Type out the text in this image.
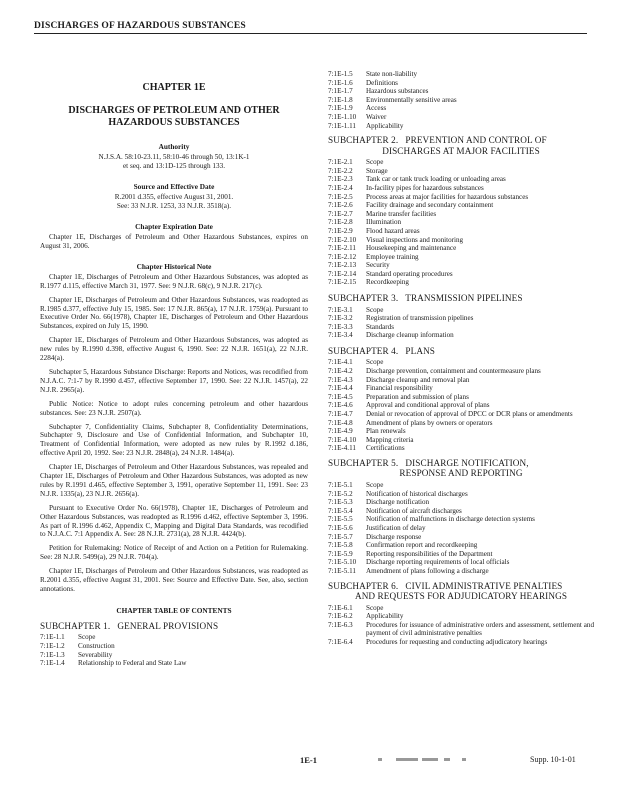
DISCHARGES OF HAZARDOUS SUBSTANCES
CHAPTER 1E
DISCHARGES OF PETROLEUM AND OTHER
HAZARDOUS SUBSTANCES
Authority
N.J.S.A. 58:10-23.11, 58:10-46 through 50, 13:1K-1
et seq. and 13:1D-125 through 133.
Source and Effective Date
R.2001 d.355, effective August 31, 2001.
See: 33 N.J.R. 1253, 33 N.J.R. 3518(a).
Chapter Expiration Date

Chapter 1E, Discharges of Petroleum and Other Hazardous Substances, expires on August 31, 2006.

Chapter Historical Note

Chapter 1E, Discharges of Petroleum and Other Hazardous Substances, was adopted as R.1977 d.115, effective March 31, 1977. See: 9 N.J.R. 68(c), 9 N.J.R. 217(c).

Chapter 1E, Discharges of Petroleum and Other Hazardous Substances, was readopted as R.1985 d.377, effective July 15, 1985. See: 17 N.J.R. 865(a), 17 N.J.R. 1759(a). Pursuant to Executive Order No. 66(1978), Chapter 1E, Discharges of Petroleum and Other Hazardous Substances, expired on July 15, 1990.

Chapter 1E, Discharges of Petroleum and Other Hazardous Substances, was adopted as new rules by R.1990 d.398, effective August 6, 1990. See: 22 N.J.R. 1651(a), 22 N.J.R. 2284(a).

Subchapter 5, Hazardous Substance Discharge: Reports and Notices, was recodified from N.J.A.C. 7:1-7 by R.1990 d.457, effective September 17, 1990. See: 22 N.J.R. 1457(a), 22 N.J.R. 2965(a).

Public Notice: Notice to adopt rules concerning petroleum and other hazardous substances. See: 23 N.J.R. 2507(a).

Subchapter 7, Confidentiality Claims, Subchapter 8, Confidentiality Determinations, Subchapter 9, Disclosure and Use of Confidential Information, and Subchapter 10, Treatment of Confidential Information, were adopted as new rules by R.1992 d.186, effective April 20, 1992. See: 23 N.J.R. 2848(a), 24 N.J.R. 1484(a).

Chapter 1E, Discharges of Petroleum and Other Hazardous Substances, was repealed and Chapter 1E, Discharges of Petroleum and Other Hazardous Substances, was adopted as new rules by R.1991 d.465, effective September 3, 1991, operative September 11, 1991. See: 23 N.J.R. 1335(a), 23 N.J.R. 2656(a).

Pursuant to Executive Order No. 66(1978), Chapter 1E, Discharges of Petroleum and Other Hazardous Substances, was readopted as R.1996 d.462, effective September 3, 1996. As part of R.1996 d.462, Appendix C, Mapping and Digital Data Standards, was recodified to N.J.A.C. 7:1 Appendix A. See: 28 N.J.R. 2731(a), 28 N.J.R. 4424(b).

Petition for Rulemaking: Notice of Receipt of and Action on a Petition for Rulemaking. See: 28 N.J.R. 5499(a), 29 N.J.R. 704(a).

Chapter 1E, Discharges of Petroleum and Other Hazardous Substances, was readopted as R.2001 d.355, effective August 31, 2001. See: Source and Effective Date. See, also, section annotations.

CHAPTER TABLE OF CONTENTS
SUBCHAPTER 1.   GENERAL PROVISIONS
7:1E-1.1	Scope
7:1E-1.2	Construction
7:1E-1.3	Severability
7:1E-1.4	Relationship to Federal and State Law
7:1E-1.5	State non-liability
7:1E-1.6	Definitions
7:1E-1.7	Hazardous substances
7:1E-1.8	Environmentally sensitive areas
7:1E-1.9	Access
7:1E-1.10	Waiver
7:1E-1.11	Applicability
SUBCHAPTER 2.   PREVENTION AND CONTROL OF
DISCHARGES AT MAJOR FACILITIES
7:1E-2.1	Scope
7:1E-2.2	Storage
7:1E-2.3	Tank car or tank truck loading or unloading areas
7:1E-2.4	In-facility pipes for hazardous substances
7:1E-2.5	Process areas at major facilities for hazardous substances
7:1E-2.6	Facility drainage and secondary containment
7:1E-2.7	Marine transfer facilities
7:1E-2.8	Illumination
7:1E-2.9	Flood hazard areas
7:1E-2.10	Visual inspections and monitoring
7:1E-2.11	Housekeeping and maintenance
7:1E-2.12	Employee training
7:1E-2.13	Security
7:1E-2.14	Standard operating procedures
7:1E-2.15	Recordkeeping
SUBCHAPTER 3.   TRANSMISSION PIPELINES
7:1E-3.1	Scope
7:1E-3.2	Registration of transmission pipelines
7:1E-3.3	Standards
7:1E-3.4	Discharge cleanup information
SUBCHAPTER 4.   PLANS
7:1E-4.1	Scope
7:1E-4.2	Discharge prevention, containment and countermeasure plans
7:1E-4.3	Discharge cleanup and removal plan
7:1E-4.4	Financial responsibility
7:1E-4.5	Preparation and submission of plans
7:1E-4.6	Approval and conditional approval of plans
7:1E-4.7	Denial or revocation of approval of DPCC or DCR plans or amendments
7:1E-4.8	Amendment of plans by owners or operators
7:1E-4.9	Plan renewals
7:1E-4.10	Mapping criteria
7:1E-4.11	Certifications
SUBCHAPTER 5.   DISCHARGE NOTIFICATION,
RESPONSE AND REPORTING
7:1E-5.1	Scope
7:1E-5.2	Notification of historical discharges
7:1E-5.3	Discharge notification
7:1E-5.4	Notification of aircraft discharges
7:1E-5.5	Notification of malfunctions in discharge detection systems
7:1E-5.6	Justification of delay
7:1E-5.7	Discharge response
7:1E-5.8	Confirmation report and recordkeeping
7:1E-5.9	Reporting responsibilities of the Department
7:1E-5.10	Discharge reporting requirements of local officials
7:1E-5.11	Amendment of plans following a discharge
SUBCHAPTER 6.   CIVIL ADMINISTRATIVE PENALTIES
AND REQUESTS FOR ADJUDICATORY HEARINGS
7:1E-6.1	Scope
7:1E-6.2	Applicability
7:1E-6.3	Procedures for issuance of administrative orders and assessment, settlement and payment of civil administrative penalties
7:1E-6.4	Procedures for requesting and conducting adjudicatory hearings
1E-1	Supp. 10-1-01
